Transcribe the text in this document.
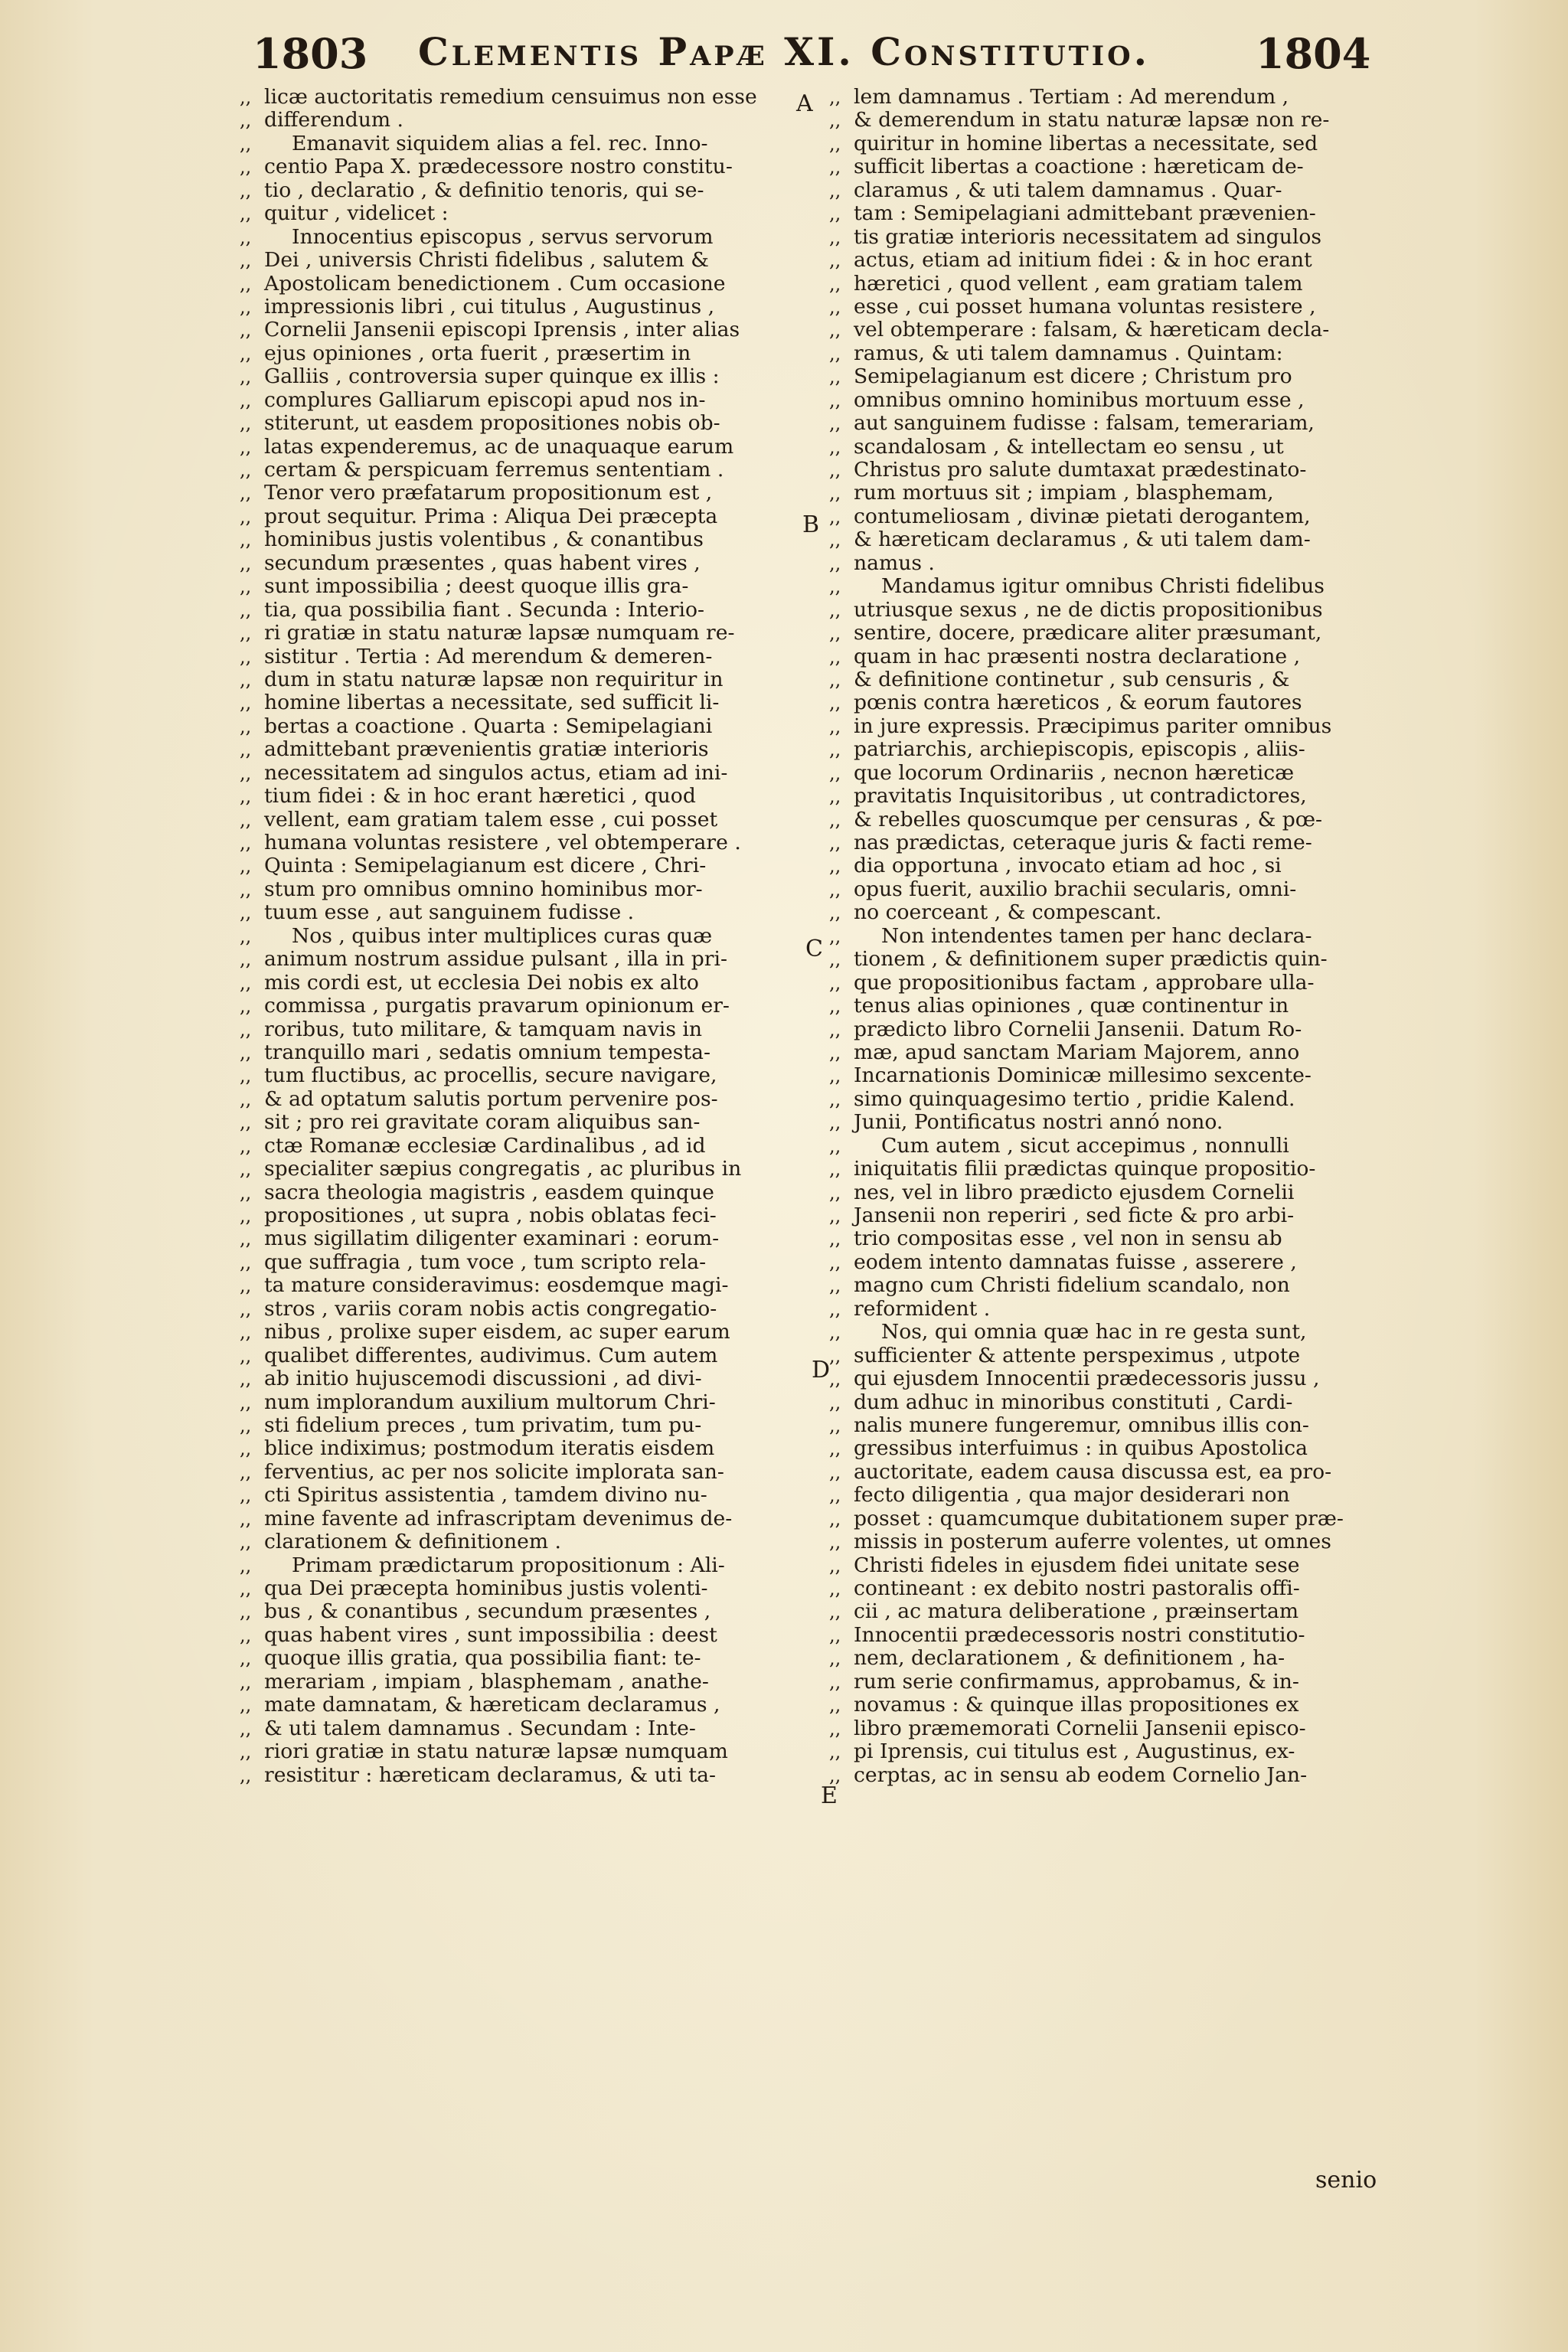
1803	Clementis Papæ XI. Constitutio.	1804
,, licæ auctoritatis remedium censuimus non esse
,, differendum .
,, Emanavit siquidem alias a fel. rec. Inno-
,, centio Papa X. prædecessore nostro constitu-
,, tio , declaratio , & definitio tenoris, qui se-
,, quitur , videlicet :
,, Innocentius episcopus , servus servorum
,, Dei , universis Christi fidelibus , salutem &
,, Apostolicam benedictionem . Cum occasione
,, impressionis libri , cui titulus , Augustinus ,
,, Cornelii Jansenii episcopi Iprensis , inter alias
,, ejus opiniones , orta fuerit , præsertim in
,, Galliis , controversia super quinque ex illis :
,, complures Galliarum episcopi apud nos in-
,, stiterunt, ut easdem propositiones nobis ob-
,, latas expenderemus, ac de unaquaque earum
,, certam & perspicuam ferremus sententiam .
,, Tenor vero præfatarum propositionum est ,
,, prout sequitur. Prima : Aliqua Dei præcepta
,, hominibus justis volentibus , & conantibus
,, secundum præsentes , quas habent vires ,
,, sunt impossibilia ; deest quoque illis gra-
,, tia, qua possibilia fiant . Secunda : Interio-
,, ri gratiæ in statu naturæ lapsæ numquam re-
,, sistitur . Tertia : Ad merendum & demeren-
,, dum in statu naturæ lapsæ non requiritur in
,, homine libertas a necessitate, sed sufficit li-
,, bertas a coactione . Quarta : Semipelagiani
,, admittebant prævenientis gratiæ interioris
,, necessitatem ad singulos actus, etiam ad ini-
,, tium fidei : & in hoc erant hæretici , quod
,, vellent, eam gratiam talem esse , cui posset
,, humana voluntas resistere , vel obtemperare .
,, Quinta : Semipelagianum est dicere , Chri-
,, stum pro omnibus omnino hominibus mor-
,, tuum esse , aut sanguinem fudisse .
,, Nos , quibus inter multiplices curas quæ
,, animum nostrum assidue pulsant , illa in pri-
,, mis cordi est, ut ecclesia Dei nobis ex alto
,, commissa , purgatis pravarum opinionum er-
,, roribus, tuto militare, & tamquam navis in
,, tranquillo mari , sedatis omnium tempesta-
,, tum fluctibus, ac procellis, secure navigare,
,, & ad optatum salutis portum pervenire pos-
,, sit ; pro rei gravitate coram aliquibus san-
,, ctæ Romanæ ecclesiæ Cardinalibus , ad id
,, specialiter sæpius congregatis , ac pluribus in
,, sacra theologia magistris , easdem quinque
,, propositiones , ut supra , nobis oblatas feci-
,, mus sigillatim diligenter examinari : eorum-
,, que suffragia , tum voce , tum scripto rela-
,, ta mature consideravimus: eosdemque magi-
,, stros , variis coram nobis actis congregatio-
,, nibus , prolixe super eisdem, ac super earum
,, qualibet differentes, audivimus. Cum autem
,, ab initio hujuscemodi discussioni , ad divi-
,, num implorandum auxilium multorum Chri-
,, sti fidelium preces , tum privatim, tum pu-
,, blice indiximus; postmodum iteratis eisdem
,, ferventius, ac per nos solicite implorata san-
,, cti Spiritus assistentia , tamdem divino nu-
,, mine favente ad infrascriptam devenimus de-
,, clarationem & definitionem .
,, Primam prædictarum propositionum : Ali-
,, qua Dei præcepta hominibus justis volenti-
,, bus , & conantibus , secundum præsentes ,
,, quas habent vires , sunt impossibilia : deest
,, quoque illis gratia, qua possibilia fiant: te-
,, merariam , impiam , blasphemam , anathe-
,, mate damnatam, & hæreticam declaramus ,
,, & uti talem damnamus . Secundam : Inte-
,, riori gratiæ in statu naturæ lapsæ numquam
,, resistitur : hæreticam declaramus, & uti ta-
,, lem damnamus . Tertiam : Ad merendum ,
,, & demerendum in statu naturæ lapsæ non re-
,, quiritur in homine libertas a necessitate, sed
,, sufficit libertas a coactione : hæreticam de-
,, claramus , & uti talem damnamus . Quar-
,, tam : Semipelagiani admittebant prævenien-
,, tis gratiæ interioris necessitatem ad singulos
,, actus, etiam ad initium fidei : & in hoc erant
,, hæretici , quod vellent , eam gratiam talem
,, esse , cui posset humana voluntas resistere ,
,, vel obtemperare : falsam, & hæreticam decla-
,, ramus, & uti talem damnamus . Quintam:
,, Semipelagianum est dicere ; Christum pro
,, omnibus omnino hominibus mortuum esse ,
,, aut sanguinem fudisse : falsam, temerariam,
,, scandalosam , & intellectam eo sensu , ut
,, Christus pro salute dumtaxat prædestinato-
,, rum mortuus sit ; impiam , blasphemam,
,, contumeliosam , divinæ pietati derogantem,
,, & hæreticam declaramus , & uti talem dam-
,, namus .
,, Mandamus igitur omnibus Christi fidelibus
,, utriusque sexus , ne de dictis propositionibus
,, sentire, docere, prædicare aliter præsumant,
,, quam in hac præsenti nostra declaratione ,
,, & definitione continetur , sub censuris , &
,, pœnis contra hæreticos , & eorum fautores
,, in jure expressis. Præcipimus pariter omnibus
,, patriarchis, archiepiscopis, episcopis , aliis-
,, que locorum Ordinariis , necnon hæreticæ
,, pravitatis Inquisitoribus , ut contradictores,
,, & rebelles quoscumque per censuras , & pœ-
,, nas prædictas, ceteraque juris & facti reme-
,, dia opportuna , invocato etiam ad hoc , si
,, opus fuerit, auxilio brachii secularis, omni-
,, no coerceant , & compescant.
,, Non intendentes tamen per hanc declara-
,, tionem , & definitionem super prædictis quin-
,, que propositionibus factam , approbare ulla-
,, tenus alias opiniones , quæ continentur in
,, prædicto libro Cornelii Jansenii. Datum Ro-
,, mæ, apud sanctam Mariam Majorem, anno
,, Incarnationis Dominicæ millesimo sexcente-
,, simo quinquagesimo tertio , pridie Kalend.
,, Junii, Pontificatus nostri annó nono.
,, Cum autem , sicut accepimus , nonnulli
,, iniquitatis filii prædictas quinque propositio-
,, nes, vel in libro prædicto ejusdem Cornelii
,, Jansenii non reperiri , sed ficte & pro arbi-
,, trio compositas esse , vel non in sensu ab
,, eodem intento damnatas fuisse , asserere ,
,, magno cum Christi fidelium scandalo, non
,, reformident .
,, Nos, qui omnia quæ hac in re gesta sunt,
,, sufficienter & attente perspeximus , utpote
,, qui ejusdem Innocentii prædecessoris jussu ,
,, dum adhuc in minoribus constituti , Cardi-
,, nalis munere fungeremur, omnibus illis con-
,, gressibus interfuimus : in quibus Apostolica
,, auctoritate, eadem causa discussa est, ea pro-
,, fecto diligentia , qua major desiderari non
,, posset : quamcumque dubitationem super præ-
,, missis in posterum auferre volentes, ut omnes
,, Christi fideles in ejusdem fidei unitate sese
,, contineant : ex debito nostri pastoralis offi-
,, cii , ac matura deliberatione , præinsertam
,, Innocentii prædecessoris nostri constitutio-
,, nem, declarationem , & definitionem , ha-
,, rum serie confirmamus, approbamus, & in-
,, novamus : & quinque illas propositiones ex
,, libro præmemorati Cornelii Jansenii episco-
,, pi Iprensis, cui titulus est , Augustinus, ex-
,, cerptas, ac in sensu ab eodem Cornelio Jan-
A
B
C
D
E
senio
